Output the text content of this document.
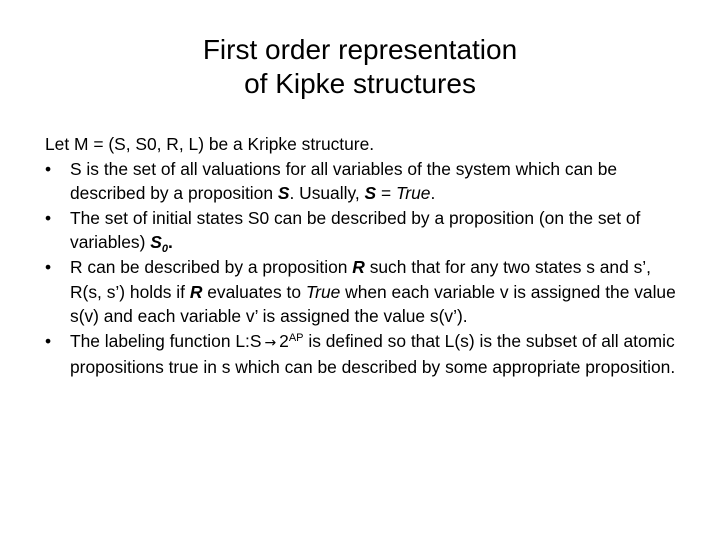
First order representation
of Kipke structures

Let M = (S, S0, R, L) be a Kripke structure.

•	S is the set of all valuations for all variables of the system which can be described by a proposition S. Usually, S = True.
•	The set of initial states S0 can be described by a proposition (on the set of variables) $S_0$.
•	R can be described by a proposition R such that for any two states s and s’, R(s, s’) holds if R evaluates to True when each variable v is assigned the value s(v) and each variable v’ is assigned the value s(v’).
•	The labeling function L:S → $2^{AP}$ is defined so that L(s) is the subset of all atomic propositions true in s which can be described by some appropriate proposition.
